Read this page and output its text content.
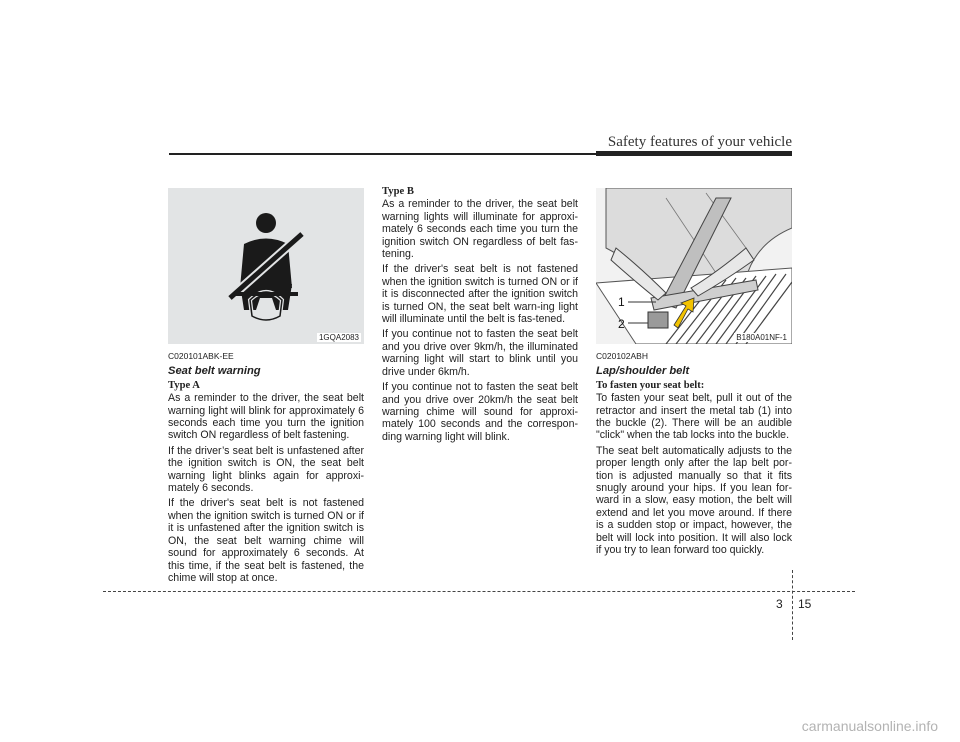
Safety features of your vehicle
1GQA2083
C020101ABK-EE
Seat belt warning
Type A

As a reminder to the driver, the seat belt warning light will blink for approximately 6 seconds each time you turn the ignition switch ON regardless of belt fastening.

If the driver’s seat belt is unfastened after the ignition switch is ON, the seat belt warning light blinks again for approxi-mately 6 seconds.

If the driver's seat belt is not fastened when the ignition switch is turned ON or if it is unfastened after the ignition switch is ON, the seat belt warning chime will sound for approximately 6 seconds. At this time, if the seat belt is fastened, the chime will stop at once.

Type B

As a reminder to the driver, the seat belt warning lights will illuminate for approxi-mately 6 seconds each time you turn the ignition switch ON regardless of belt fas-tening.

If the driver's seat belt is not fastened when the ignition switch is turned ON or if it is disconnected after the ignition switch is turned ON, the seat belt warn-ing light will illuminate until the belt is fas-tened.

If you continue not to fasten the seat belt and you drive over 9km/h, the illuminated warning light will start to blink until you drive under 6km/h.

If you continue not to fasten the seat belt and you drive over 20km/h the seat belt warning chime will sound for approxi-mately 100 seconds and the correspon-ding warning light will blink.

1
2
B180A01NF-1
C020102ABH
Lap/shoulder belt
To fasten your seat belt:

To fasten your seat belt, pull it out of the retractor and insert the metal tab (1) into the buckle (2). There will be an audible "click" when the tab locks into the buckle.

The seat belt automatically adjusts to the proper length only after the lap belt por-tion is adjusted manually so that it fits snugly around your hips. If you lean for-ward in a slow, easy motion, the belt will extend and let you move around. If there is a sudden stop or impact, however, the belt will lock into position. It will also lock if you try to lean forward too quickly.

3 15
carmanualsonline.info
